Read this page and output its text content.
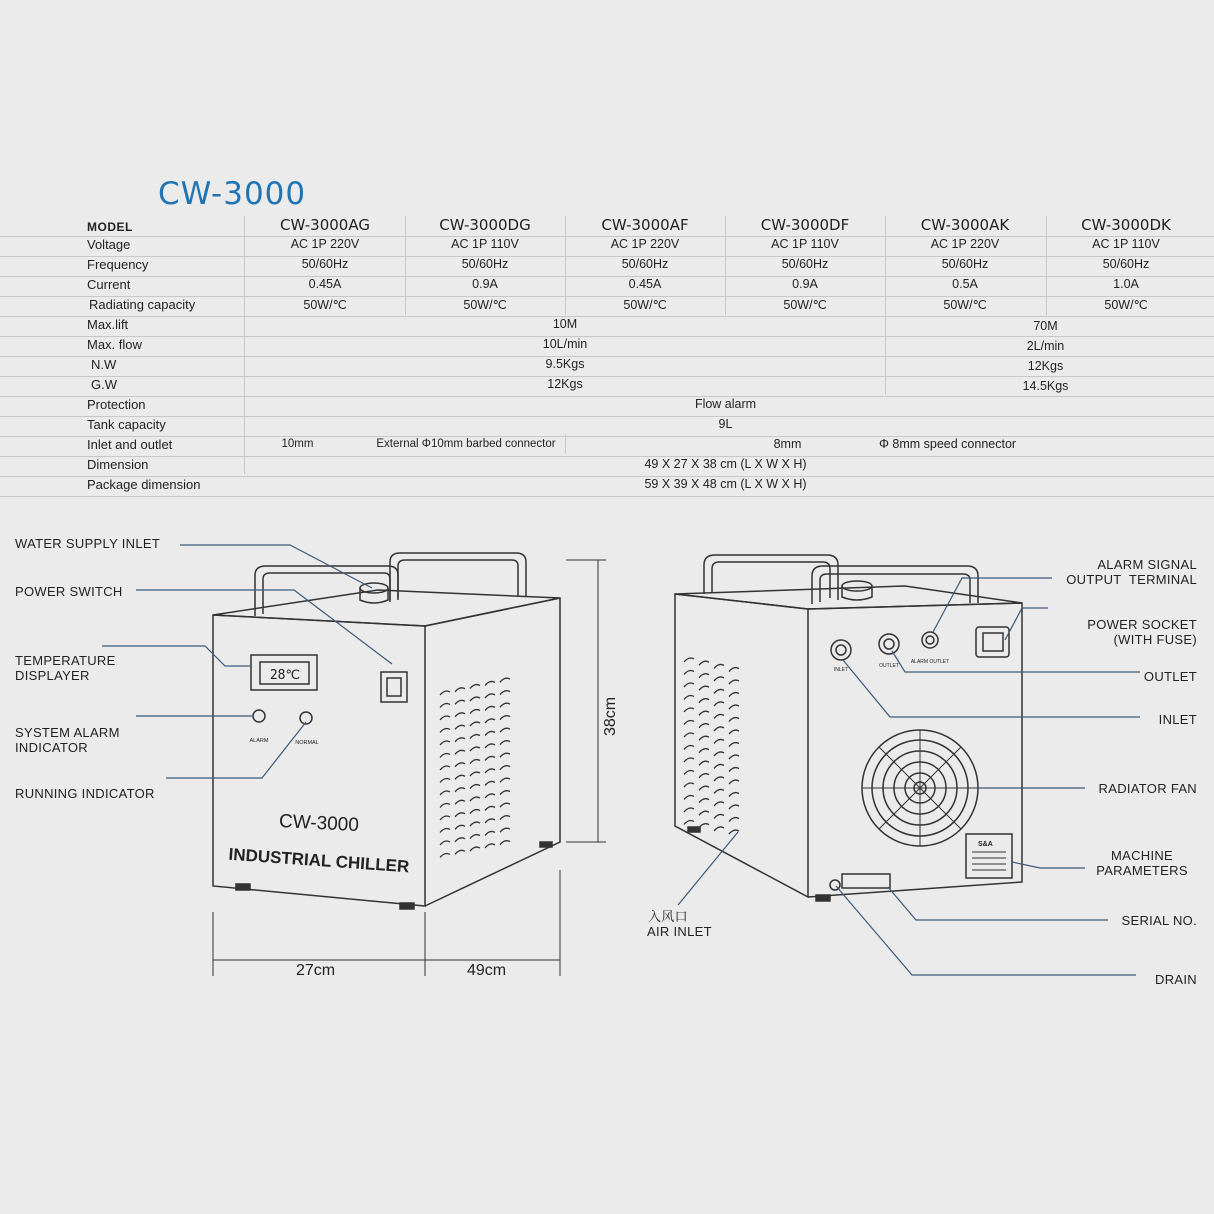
CW-3000
MODEL	CW-3000AG	CW-3000DG	CW-3000AF	CW-3000DF	CW-3000AK	CW-3000DK
Voltage	AC 1P 220V	AC 1P 110V	AC 1P 220V	AC 1P 110V	AC 1P 220V	AC 1P 110V
Frequency	50/60Hz	50/60Hz	50/60Hz	50/60Hz	50/60Hz	50/60Hz
Current	0.45A	0.9A	0.45A	0.9A	0.5A	1.0A
Radiating capacity	50W/℃	50W/℃	50W/℃	50W/℃	50W/℃	50W/℃
Max.lift	10M	70M
Max. flow	10L/min	2L/min
N.W	9.5Kgs	12Kgs
G.W	12Kgs	14.5Kgs
Protection	Flow alarm
Tank capacity	9L
Inlet and outlet	10mm	External Φ10mm barbed connector	8mm	Φ 8mm speed connector
Dimension	49 X 27 X 38 cm (L X W X H)
Package dimension	59 X 39 X 48 cm (L X W X H)
28℃
ALARM	NORMAL
CW-3000
INDUSTRIAL CHILLER
INLET
OUTLET
ALARM OUTLET
S&A
WATER SUPPLY INLET
POWER SWITCH
TEMPERATURE
DISPLAYER
SYSTEM ALARM
INDICATOR
RUNNING INDICATOR
ALARM SIGNAL
OUTPUT  TERMINAL
POWER SOCKET
(WITH FUSE)
OUTLET
INLET
RADIATOR FAN
MACHINE
PARAMETERS
SERIAL NO.
DRAIN
入风口
AIR INLET
38cm
27cm	49cm
